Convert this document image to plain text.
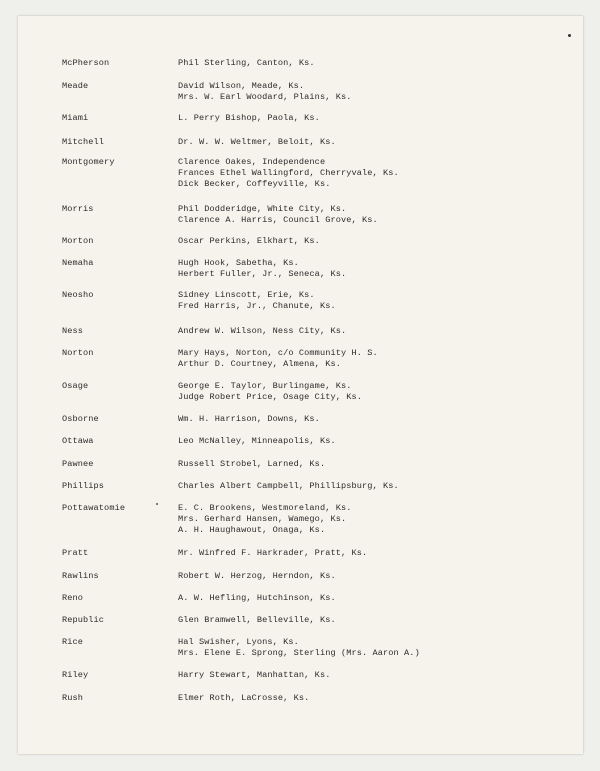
McPherson	Phil Sterling, Canton, Ks.
Meade	David Wilson, Meade, Ks.
Mrs. W. Earl Woodard, Plains, Ks.
Miami	L. Perry Bishop, Paola, Ks.
Mitchell	Dr. W. W. Weltmer, Beloit, Ks.
Montgomery	Clarence Oakes, Independence
Frances Ethel Wallingford, Cherryvale, Ks.
Dick Becker, Coffeyville, Ks.
Morris	Phil Dodderidge, White City, Ks.
Clarence A. Harris, Council Grove, Ks.
Morton	Oscar Perkins, Elkhart, Ks.
Nemaha	Hugh Hook, Sabetha, Ks.
Herbert Fuller, Jr., Seneca, Ks.
Neosho	Sidney Linscott, Erie, Ks.
Fred Harris, Jr., Chanute, Ks.
Ness	Andrew W. Wilson, Ness City, Ks.
Norton	Mary Hays, Norton, c/o Community H. S.
Arthur D. Courtney, Almena, Ks.
Osage	George E. Taylor, Burlingame, Ks.
Judge Robert Price, Osage City, Ks.
Osborne	Wm. H. Harrison, Downs, Ks.
Ottawa	Leo McNalley, Minneapolis, Ks.
Pawnee	Russell Strobel, Larned, Ks.
Phillips	Charles Albert Campbell, Phillipsburg, Ks.
Pottawatomie	E. C. Brookens, Westmoreland, Ks.
Mrs. Gerhard Hansen, Wamego, Ks.
A. H. Haughawout, Onaga, Ks.
Pratt	Mr. Winfred F. Harkrader, Pratt, Ks.
Rawlins	Robert W. Herzog, Herndon, Ks.
Reno	A. W. Hefling, Hutchinson, Ks.
Republic	Glen Bramwell, Belleville, Ks.
Rice	Hal Swisher, Lyons, Ks.
Mrs. Elene E. Sprong, Sterling (Mrs. Aaron A.)
Riley	Harry Stewart, Manhattan, Ks.
Rush	Elmer Roth, LaCrosse, Ks.
